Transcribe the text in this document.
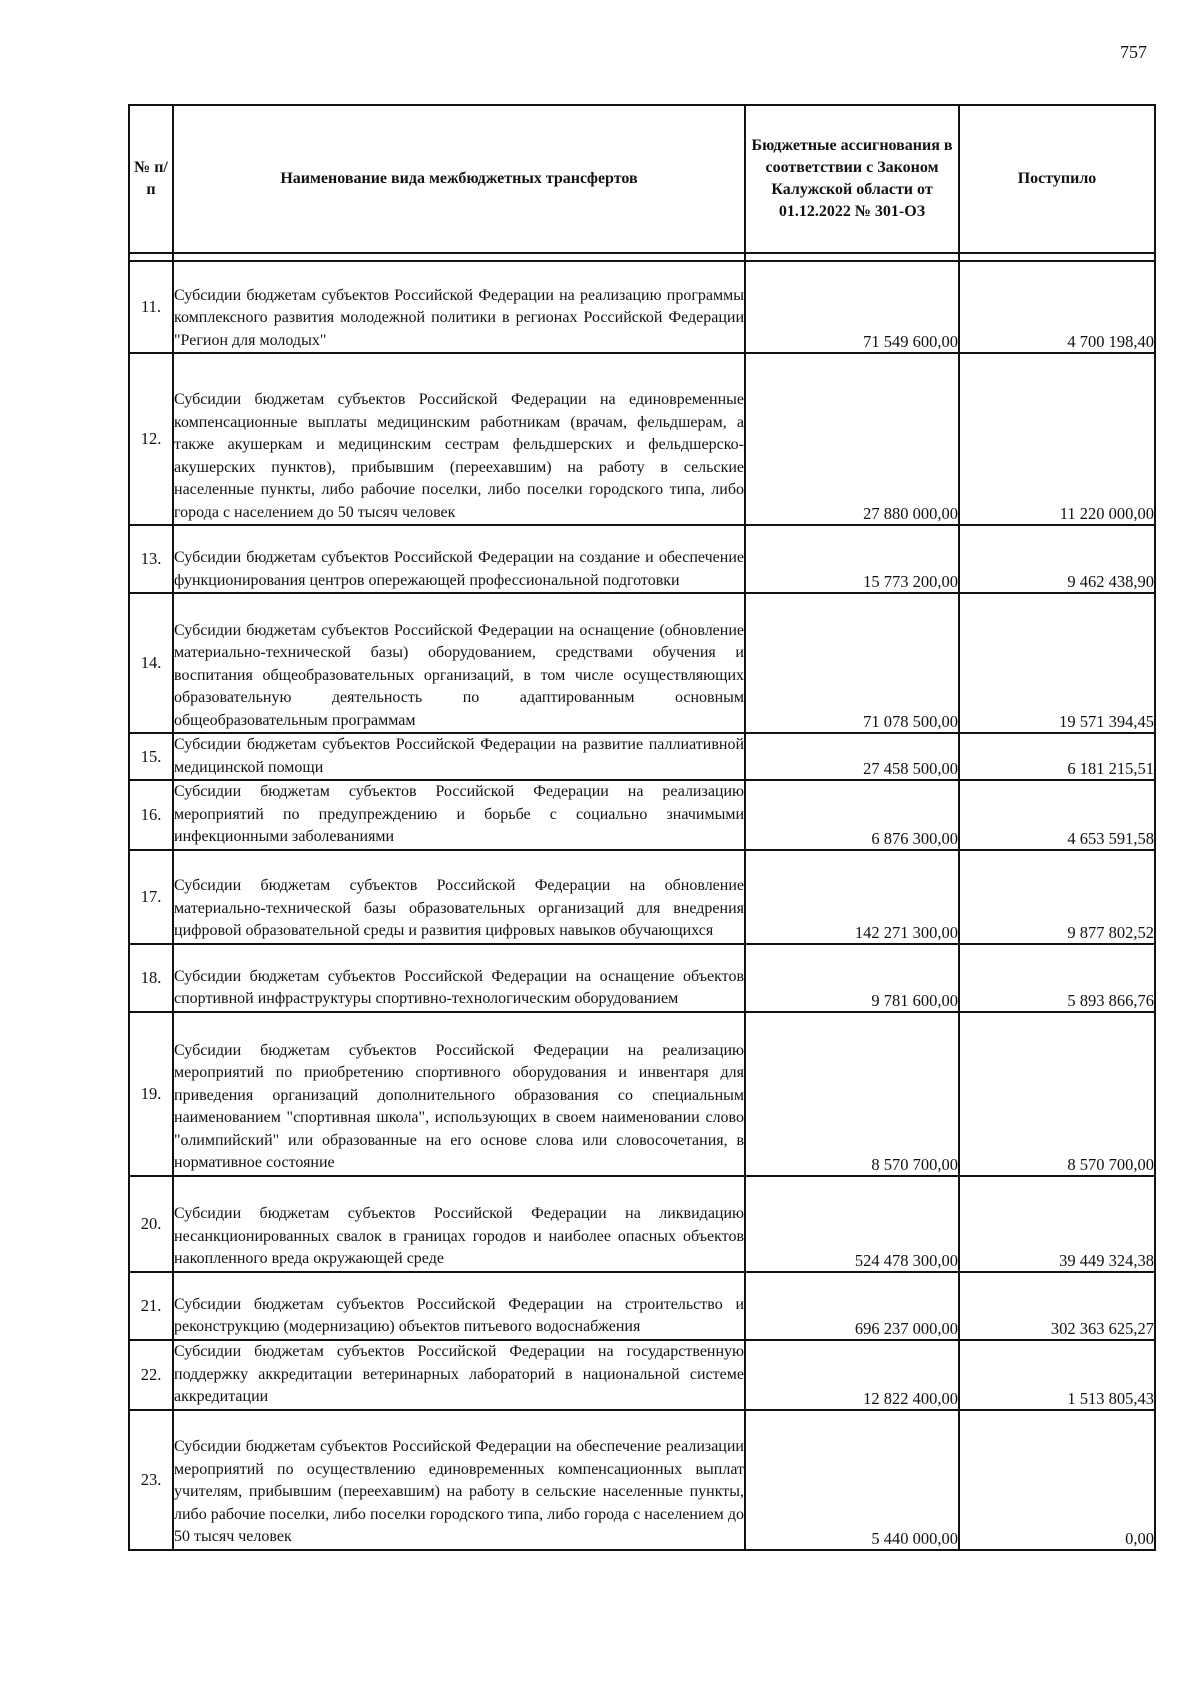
757
№ п/п	Наименование вида межбюджетных трансфертов	Бюджетные ассигнования в соответствии с Законом Калужской области от 01.12.2022 № 301-ОЗ	Поступило

11.	Субсидии бюджетам субъектов Российской Федерации на реализацию программы комплексного развития молодежной политики в регионах Российской Федерации "Регион для молодых"	71 549 600,00	4 700 198,40
12.	Субсидии бюджетам субъектов Российской Федерации на единовременные компенсационные выплаты медицинским работникам (врачам, фельдшерам, а также акушеркам и медицинским сестрам фельдшерских и фельдшерско-акушерских пунктов), прибывшим (переехавшим) на работу в сельские населенные пункты, либо рабочие поселки, либо поселки городского типа, либо города с населением до 50 тысяч человек	27 880 000,00	11 220 000,00
13.	Субсидии бюджетам субъектов Российской Федерации на создание и обеспечение функционирования центров опережающей профессиональной подготовки	15 773 200,00	9 462 438,90
14.	Субсидии бюджетам субъектов Российской Федерации на оснащение (обновление материально-технической базы) оборудованием, средствами обучения и воспитания общеобразовательных организаций, в том числе осуществляющих образовательную деятельность по адаптированным основным общеобразовательным программам	71 078 500,00	19 571 394,45
15.	Субсидии бюджетам субъектов Российской Федерации на развитие паллиативной медицинской помощи	27 458 500,00	6 181 215,51
16.	Субсидии бюджетам субъектов Российской Федерации на реализацию мероприятий по предупреждению и борьбе с социально значимыми инфекционными заболеваниями	6 876 300,00	4 653 591,58
17.	Субсидии бюджетам субъектов Российской Федерации на обновление материально-технической базы образовательных организаций для внедрения цифровой образовательной среды и развития цифровых навыков обучающихся	142 271 300,00	9 877 802,52
18.	Субсидии бюджетам субъектов Российской Федерации на оснащение объектов спортивной инфраструктуры спортивно-технологическим оборудованием	9 781 600,00	5 893 866,76
19.	Субсидии бюджетам субъектов Российской Федерации на реализацию мероприятий по приобретению спортивного оборудования и инвентаря для приведения организаций дополнительного образования со специальным наименованием "спортивная школа", использующих в своем наименовании слово "олимпийский" или образованные на его основе слова или словосочетания, в нормативное состояние	8 570 700,00	8 570 700,00
20.	Субсидии бюджетам субъектов Российской Федерации на ликвидацию несанкционированных свалок в границах городов и наиболее опасных объектов накопленного вреда окружающей среде	524 478 300,00	39 449 324,38
21.	Субсидии бюджетам субъектов Российской Федерации на строительство и реконструкцию (модернизацию) объектов питьевого водоснабжения	696 237 000,00	302 363 625,27
22.	Субсидии бюджетам субъектов Российской Федерации на государственную поддержку аккредитации ветеринарных лабораторий в национальной системе аккредитации	12 822 400,00	1 513 805,43
23.	Субсидии бюджетам субъектов Российской Федерации на обеспечение реализации мероприятий по осуществлению единовременных компенсационных выплат учителям, прибывшим (переехавшим) на работу в сельские населенные пункты, либо рабочие поселки, либо поселки городского типа, либо города с населением до 50 тысяч человек	5 440 000,00	0,00
